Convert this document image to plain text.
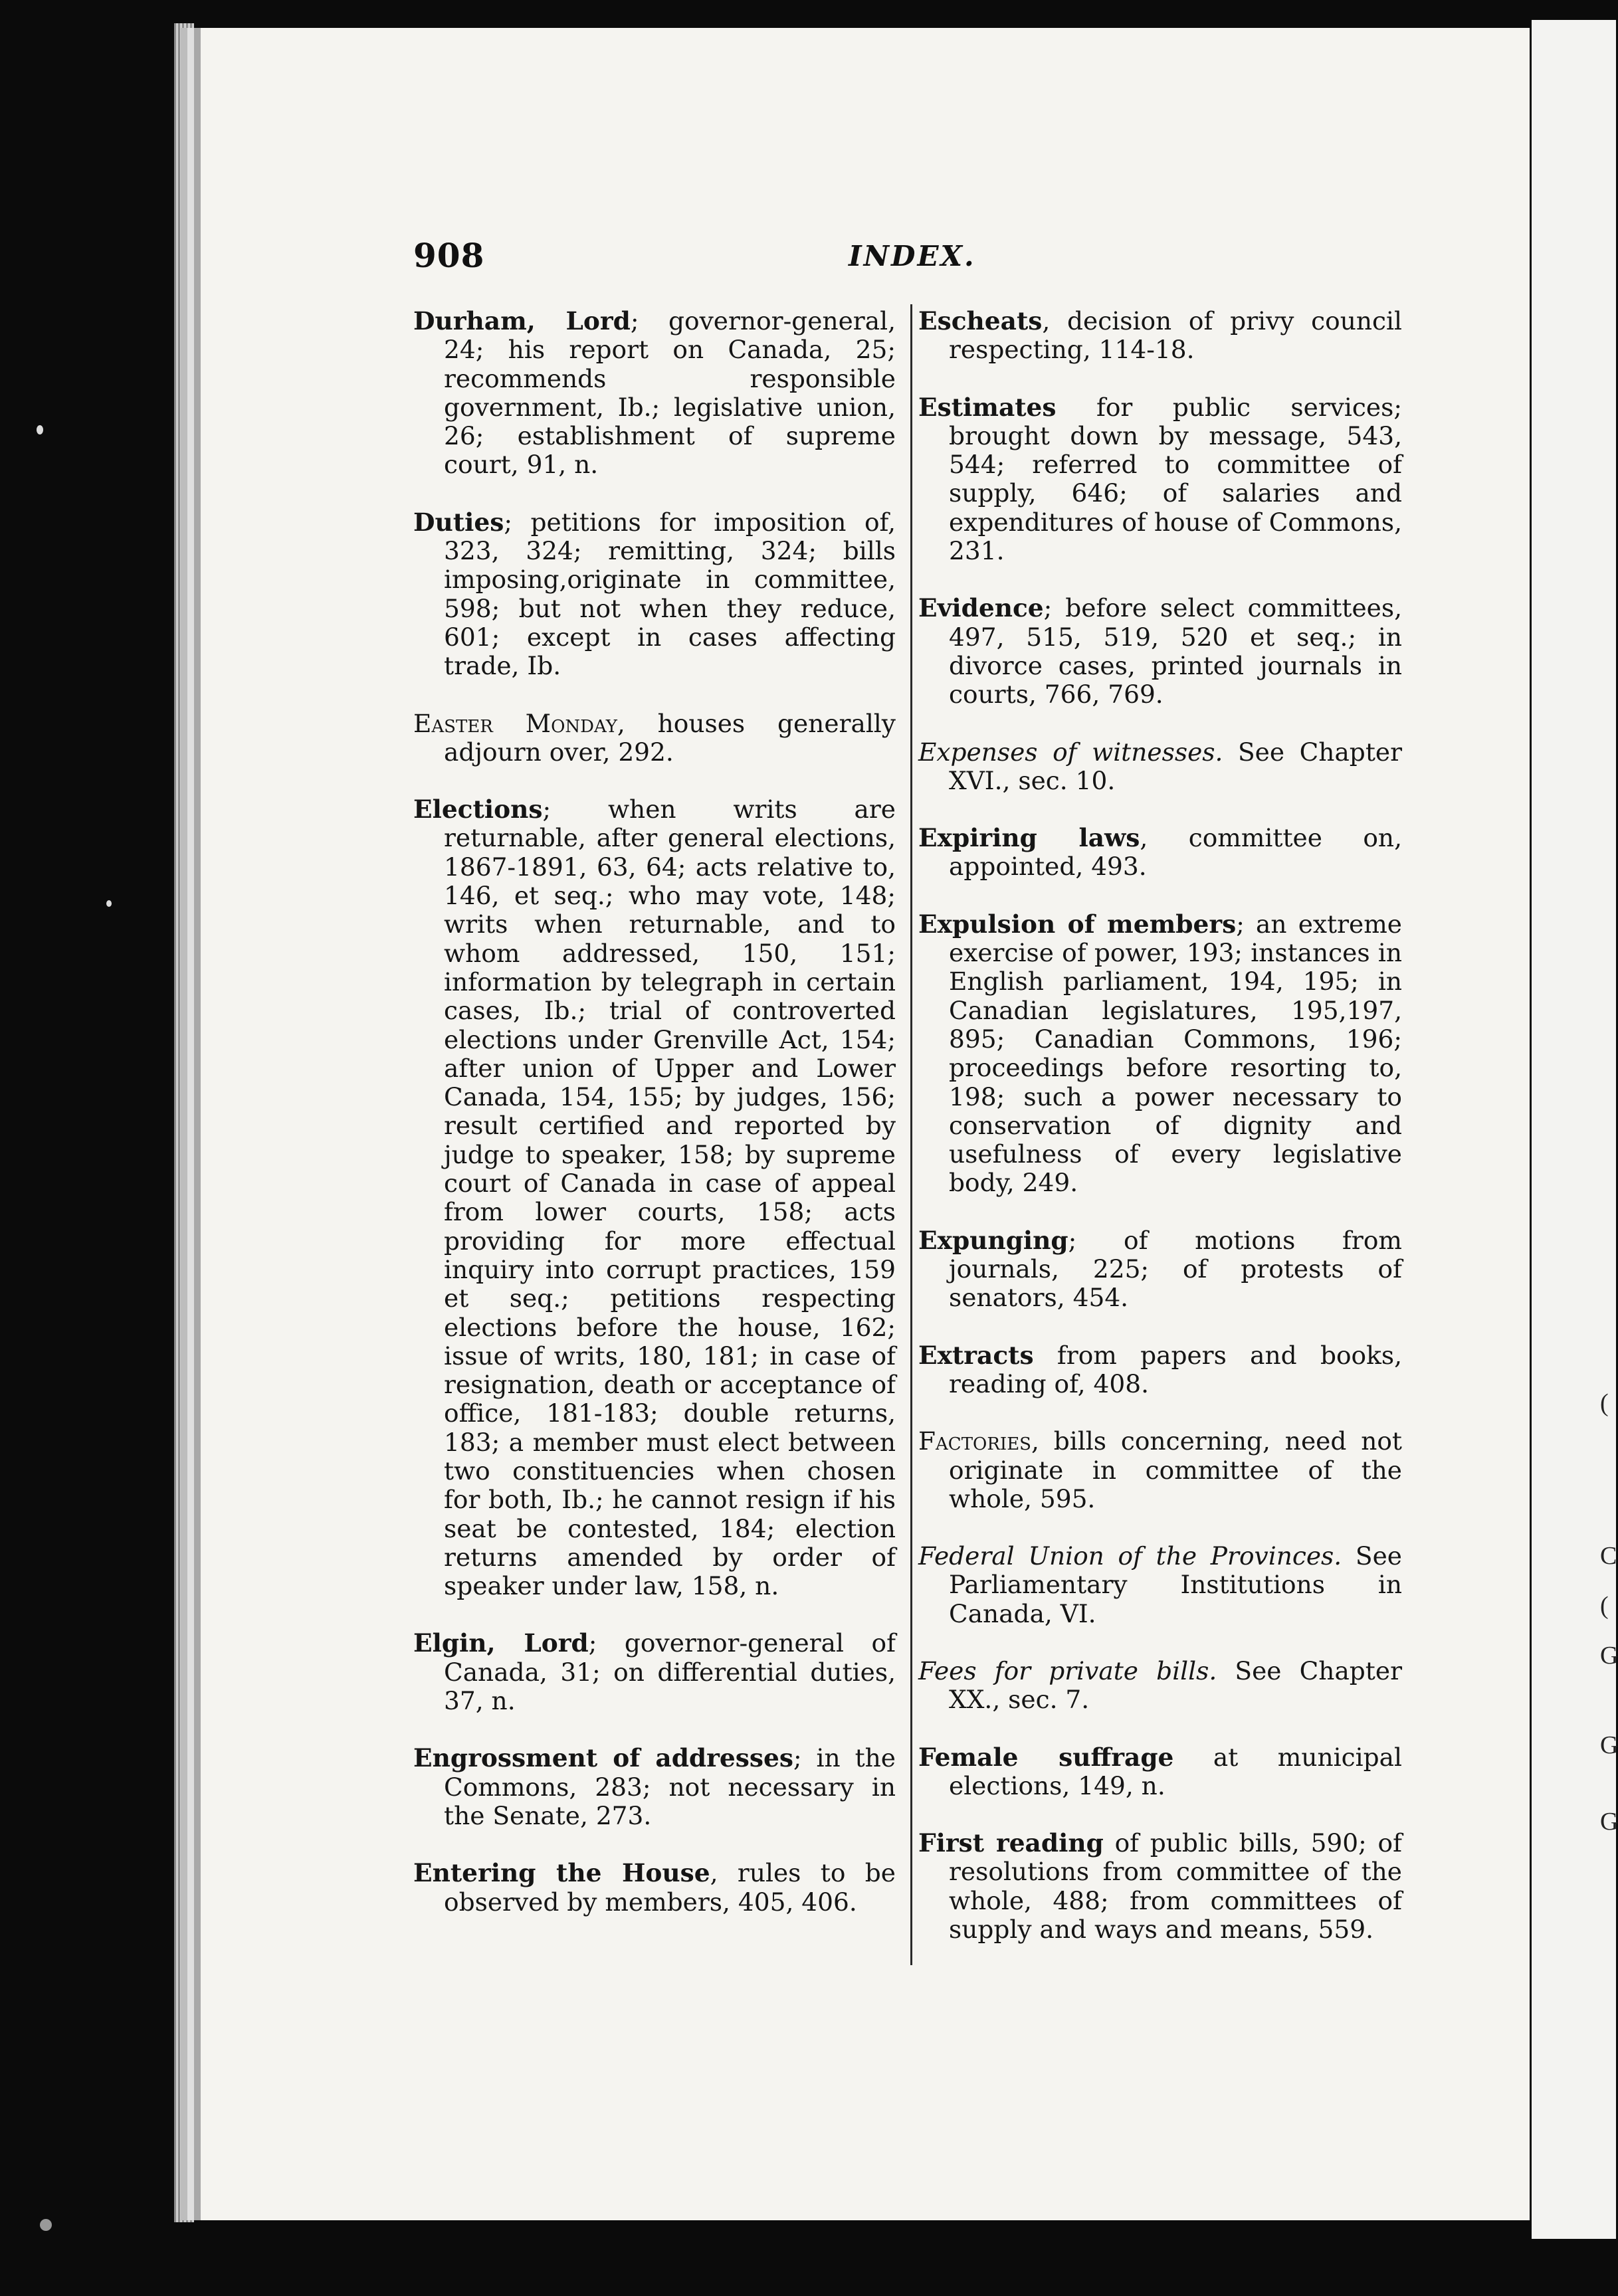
(
C
(
G
G
G
908	INDEX.

Durham, Lord; governor-general, 24; his report on Canada, 25; recommends responsible government, Ib.; legislative union, 26; establishment of supreme court, 91, n.

Duties; petitions for imposition of, 323, 324; remitting, 324; bills imposing,originate in committee, 598; but not when they reduce, 601; except in cases affecting trade, Ib.

Easter Monday, houses generally adjourn over, 292.

Elections; when writs are returnable, after general elections, 1867-1891, 63, 64; acts relative to, 146, et seq.; who may vote, 148; writs when returnable, and to whom addressed, 150, 151; information by telegraph in certain cases, Ib.; trial of controverted elections under Grenville Act, 154; after union of Upper and Lower Canada, 154, 155; by judges, 156; result certified and reported by judge to speaker, 158; by supreme court of Canada in case of appeal from lower courts, 158; acts providing for more effectual inquiry into corrupt practices, 159 et seq.; petitions respecting elections before the house, 162; issue of writs, 180, 181; in case of resignation, death or acceptance of office, 181-183; double returns, 183; a member must elect between two constituencies when chosen for both, Ib.; he cannot resign if his seat be contested, 184; election returns amended by order of speaker under law, 158, n.

Elgin, Lord; governor-general of Canada, 31; on differential duties, 37, n.

Engrossment of addresses; in the Commons, 283; not necessary in the Senate, 273.

Entering the House, rules to be observed by members, 405, 406.

Escheats, decision of privy council respecting, 114-18.

Estimates for public services; brought down by message, 543, 544; referred to committee of supply, 646; of salaries and expenditures of house of Commons, 231.

Evidence; before select committees, 497, 515, 519, 520 et seq.; in divorce cases, printed journals in courts, 766, 769.

Expenses of witnesses. See Chapter XVI., sec. 10.

Expiring laws, committee on, appointed, 493.

Expulsion of members; an extreme exercise of power, 193; instances in English parliament, 194, 195; in Canadian legislatures, 195,197, 895; Canadian Commons, 196; proceedings before resorting to, 198; such a power necessary to conservation of dignity and usefulness of every legislative body, 249.

Expunging; of motions from journals, 225; of protests of senators, 454.

Extracts from papers and books, reading of, 408.

Factories, bills concerning, need not originate in committee of the whole, 595.

Federal Union of the Provinces. See Parliamentary Institutions in Canada, VI.

Fees for private bills. See Chapter XX., sec. 7.

Female suffrage at municipal elections, 149, n.

First reading of public bills, 590; of resolutions from committee of the whole, 488; from committees of supply and ways and means, 559.
